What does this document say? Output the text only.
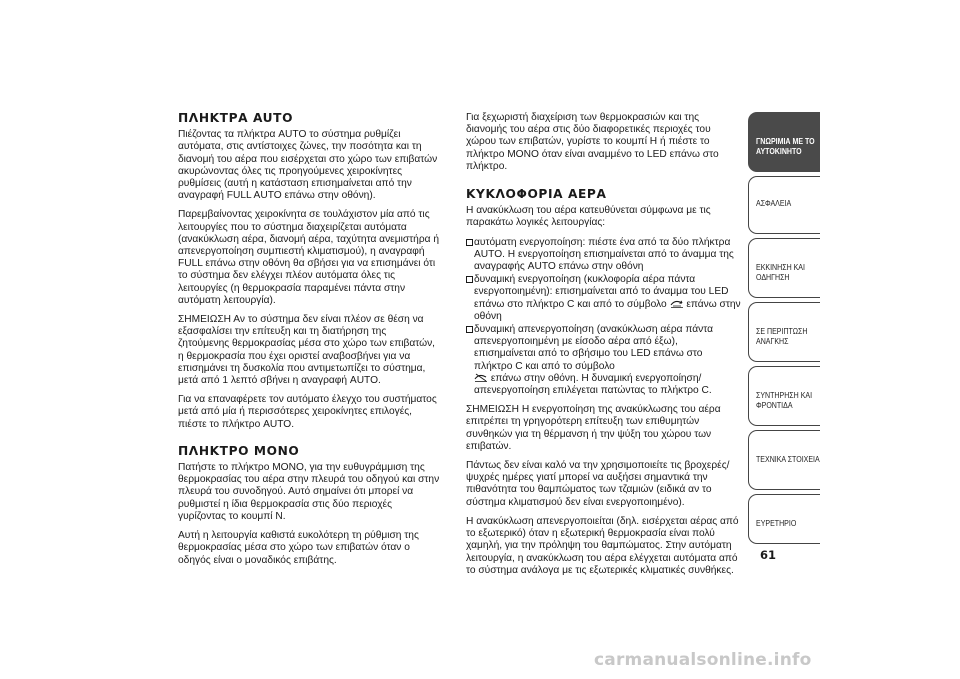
ΠΛΗΚΤΡΑ AUTO

Πιέζοντας τα πλήκτρα AUTO το σύστημα ρυθμίζει αυτόματα, στις αντίστοιχες ζώνες, την ποσότητα και τη διανομή του αέρα που εισέρχεται στο χώρο των επιβατών ακυρώνοντας όλες τις προηγούμενες χειροκίνητες ρυθμίσεις (αυτή η κατάσταση επισημαίνεται από την αναγραφή FULL AUTO επάνω στην οθόνη).

Παρεμβαίνοντας χειροκίνητα σε τουλάχιστον μία από τις λειτουργίες που το σύστημα διαχειρίζεται αυτόματα (ανακύκλωση αέρα, διανομή αέρα, ταχύτητα ανεμιστήρα ή απενεργοποίηση συμπιεστή κλιματισμού), η αναγραφή FULL επάνω στην οθόνη θα σβήσει για να επισημάνει ότι το σύστημα δεν ελέγχει πλέον αυτόματα όλες τις λειτουργίες (η θερμοκρασία παραμένει πάντα στην αυτόματη λειτουργία).

ΣΗΜΕΙΩΣΗ Αν το σύστημα δεν είναι πλέον σε θέση να εξασφαλίσει την επίτευξη και τη διατήρηση της ζητούμενης θερμοκρασίας μέσα στο χώρο των επιβατών, η θερμοκρασία που έχει οριστεί αναβοσβήνει για να επισημάνει τη δυσκολία που αντιμετωπίζει το σύστημα, μετά από 1 λεπτό σβήνει η αναγραφή AUTO.

Για να επαναφέρετε τον αυτόματο έλεγχο του συστήματος μετά από μία ή περισσότερες χειροκίνητες επιλογές, πιέστε το πλήκτρο AUTO.

ΠΛΗΚΤΡΟ MONO

Πατήστε το πλήκτρο MONO, για την ευθυγράμμιση της θερμοκρασίας του αέρα στην πλευρά του οδηγού και στην πλευρά του συνοδηγού. Αυτό σημαίνει ότι μπορεί να ρυθμιστεί η ίδια θερμοκρασία στις δύο περιοχές γυρίζοντας το κουμπί N.

Αυτή η λειτουργία καθιστά ευκολότερη τη ρύθμιση της θερμοκρασίας μέσα στο χώρο των επιβατών όταν ο οδηγός είναι ο μοναδικός επιβάτης.

Για ξεχωριστή διαχείριση των θερμοκρασιών και της διανομής του αέρα στις δύο διαφορετικές περιοχές του χώρου των επιβατών, γυρίστε το κουμπί H ή πιέστε το πλήκτρο MONO όταν είναι αναμμένο το LED επάνω στο πλήκτρο.

ΚΥΚΛΟΦΟΡΙΑ ΑΕΡΑ

Η ανακύκλωση του αέρα κατευθύνεται σύμφωνα με τις παρακάτω λογικές λειτουργίας:

αυτόματη ενεργοποίηση: πιέστε ένα από τα δύο πλήκτρα AUTO. Η ενεργοποίηση επισημαίνεται από το άναμμα της αναγραφής AUTO επάνω στην οθόνη
δυναμική ενεργοποίηση (κυκλοφορία αέρα πάντα ενεργοποιημένη): επισημαίνεται από το άναμμα του LED επάνω στο πλήκτρο C και από το σύμβολο επάνω στην οθόνη
δυναμική απενεργοποίηση (ανακύκλωση αέρα πάντα απενεργοποιημένη με είσοδο αέρα από έξω), επισημαίνεται από το σβήσιμο του LED επάνω στο πλήκτρο C και από το σύμβολο
επάνω στην οθόνη. Η δυναμική ενεργοποίηση/απενεργοποίηση επιλέγεται πατώντας το πλήκτρο C.

ΣΗΜΕΙΩΣΗ Η ενεργοποίηση της ανακύκλωσης του αέρα επιτρέπει τη γρηγορότερη επίτευξη των επιθυμητών συνθηκών για τη θέρμανση ή την ψύξη του χώρου των επιβατών.

Πάντως δεν είναι καλό να την χρησιμοποιείτε τις βροχερές/ψυχρές ημέρες γιατί μπορεί να αυξήσει σημαντικά την πιθανότητα του θαμπώματος των τζαμιών (ειδικά αν το σύστημα κλιματισμού δεν είναι ενεργοποιημένο).

Η ανακύκλωση απενεργοποιείται (δηλ. εισέρχεται αέρας από το εξωτερικό) όταν η εξωτερική θερμοκρασία είναι πολύ χαμηλή, για την πρόληψη του θαμπώματος. Στην αυτόματη λειτουργία, η ανακύκλωση του αέρα ελέγχεται αυτόματα από το σύστημα ανάλογα με τις εξωτερικές κλιματικές συνθήκες.

ΓΝΩΡΙΜΙΑ ΜΕ ΤΟ
ΑΥΤΟΚΙΝΗΤΟ
ΑΣΦΑΛΕΙΑ
ΕΚΚΙΝΗΣΗ ΚΑΙ
ΟΔΗΓΗΣΗ
ΣΕ ΠΕΡΙΠΤΩΣΗ
ΑΝΑΓΚΗΣ
ΣΥΝΤΗΡΗΣΗ ΚΑΙ
ΦΡΟΝΤΙΔΑ
ΤΕΧΝΙΚΑ ΣΤΟΙΧΕΙΑ
ΕΥΡΕΤΗΡΙΟ
61
carmanualsonline.info
